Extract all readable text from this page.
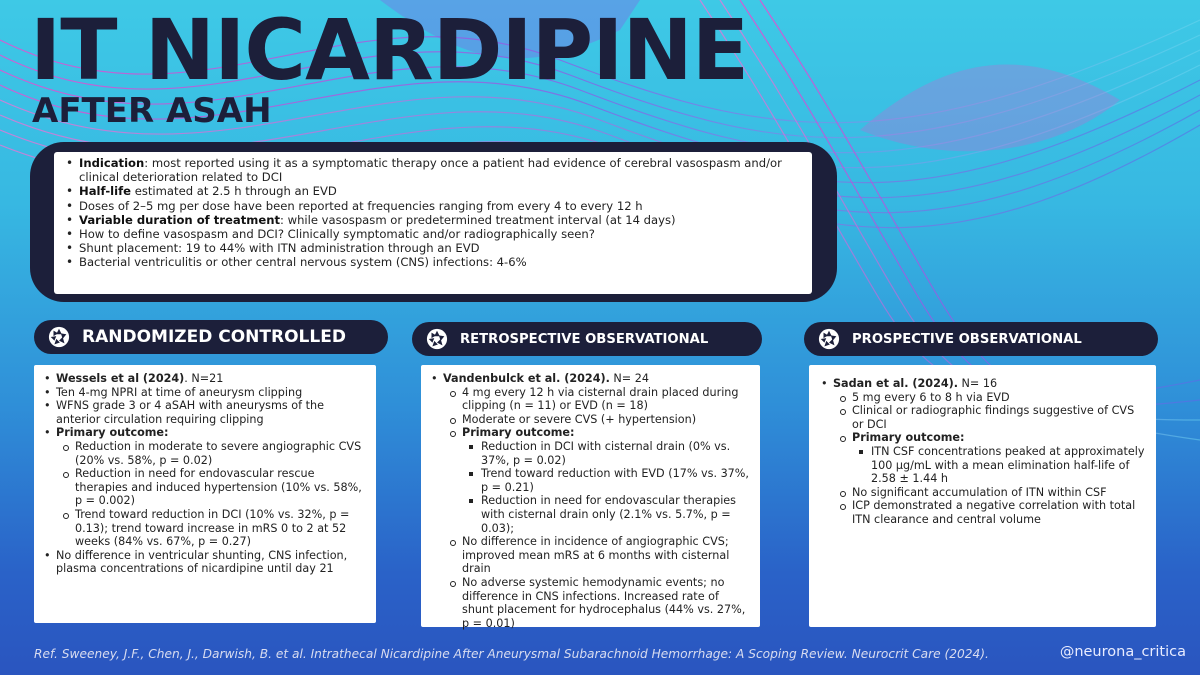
IT NICARDIPINE
AFTER ASAH
• Indication: most reported using it as a symptomatic therapy once a patient had evidence of cerebral vasospasm and/or clinical deterioration related to DCI
• Half-life estimated at 2.5 h through an EVD
• Doses of 2–5 mg per dose have been reported at frequencies ranging from every 4 to every 12 h
• Variable duration of treatment: while vasospasm or predetermined treatment interval (at 14 days)
• How to define vasospasm and DCI? Clinically symptomatic and/or radiographically seen?
• Shunt placement: 19 to 44% with ITN administration through an EVD
• Bacterial ventriculitis or other central nervous system (CNS) infections: 4-6%
RANDOMIZED CONTROLLED	RETROSPECTIVE OBSERVATIONAL	PROSPECTIVE OBSERVATIONAL
• Wessels et al (2024). N=21
• Ten 4-mg NPRI at time of aneurysm clipping
• WFNS grade 3 or 4 aSAH with aneurysms of the anterior circulation requiring clipping
• Primary outcome:
Reduction in moderate to severe angiographic CVS (20% vs. 58%, p = 0.02)
Reduction in need for endovascular rescue therapies and induced hypertension (10% vs. 58%, p = 0.002)
Trend toward reduction in DCI (10% vs. 32%, p = 0.13); trend toward increase in mRS 0 to 2 at 52 weeks (84% vs. 67%, p = 0.27)
• No difference in ventricular shunting, CNS infection, plasma concentrations of nicardipine until day 21
• Vandenbulck et al. (2024). N= 24
4 mg every 12 h via cisternal drain placed during clipping (n = 11) or EVD (n = 18)
Moderate or severe CVS (+ hypertension)
Primary outcome:
Reduction in DCI with cisternal drain (0% vs. 37%, p = 0.02)
Trend toward reduction with EVD (17% vs. 37%, p = 0.21)
Reduction in need for endovascular therapies with cisternal drain only (2.1% vs. 5.7%, p = 0.03);
No difference in incidence of angiographic CVS; improved mean mRS at 6 months with cisternal drain
No adverse systemic hemodynamic events; no difference in CNS infections. Increased rate of shunt placement for hydrocephalus (44% vs. 27%, p = 0.01)
• Sadan et al. (2024). N= 16
5 mg every 6 to 8 h via EVD
Clinical or radiographic findings suggestive of CVS or DCI
Primary outcome:
ITN CSF concentrations peaked at approximately 100 μg/mL with a mean elimination half-life of 2.58 ± 1.44 h
No significant accumulation of ITN within CSF
ICP demonstrated a negative correlation with total ITN clearance and central volume
Ref. Sweeney, J.F., Chen, J., Darwish, B. et al. Intrathecal Nicardipine After Aneurysmal Subarachnoid Hemorrhage: A Scoping Review. Neurocrit Care (2024).	@neurona_critica
